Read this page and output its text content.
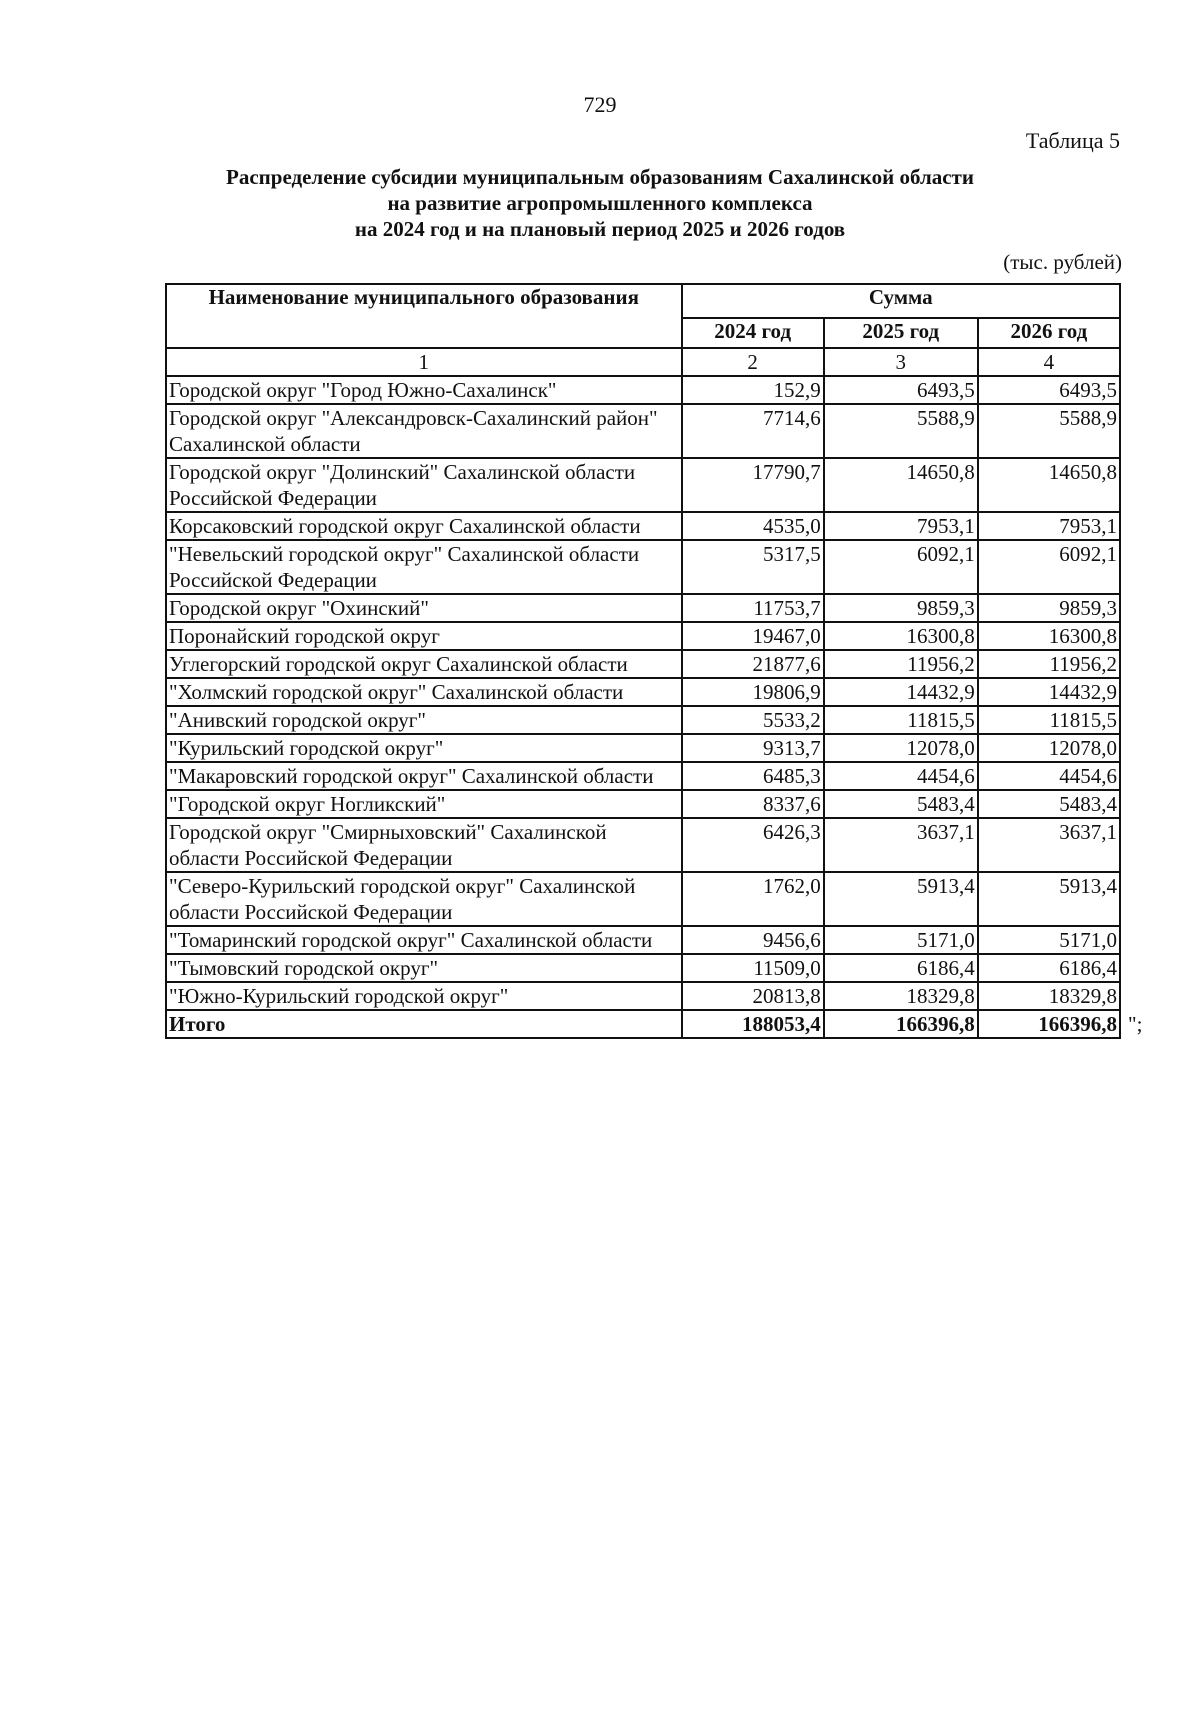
729
Таблица 5
Распределение субсидии муниципальным образованиям Сахалинской области
на развитие агропромышленного комплекса
на 2024 год и на плановый период 2025 и 2026 годов
(тыс. рублей)
Наименование муниципального образования	Сумма		
	2024 год	2025 год	2026 год
1	2	3	4
Городской округ "Город Южно-Сахалинск"	152,9	6493,5	6493,5
Городской округ "Александровск-Сахалинский район" Сахалинской области	7714,6	5588,9	5588,9
Городской округ "Долинский" Сахалинской области Российской Федерации	17790,7	14650,8	14650,8
Корсаковский городской округ Сахалинской области	4535,0	7953,1	7953,1
"Невельский городской округ" Сахалинской области Российской Федерации	5317,5	6092,1	6092,1
Городской округ "Охинский"	11753,7	9859,3	9859,3
Поронайский городской округ	19467,0	16300,8	16300,8
Углегорский городской округ Сахалинской области	21877,6	11956,2	11956,2
"Холмский городской округ" Сахалинской области	19806,9	14432,9	14432,9
"Анивский городской округ"	5533,2	11815,5	11815,5
"Курильский городской округ"	9313,7	12078,0	12078,0
"Макаровский городской округ" Сахалинской области	6485,3	4454,6	4454,6
"Городской округ Ногликский"	8337,6	5483,4	5483,4
Городской округ "Смирныховский" Сахалинской области Российской Федерации	6426,3	3637,1	3637,1
"Северо-Курильский городской округ" Сахалинской области Российской Федерации	1762,0	5913,4	5913,4
"Томаринский городской округ" Сахалинской области	9456,6	5171,0	5171,0
"Тымовский городской округ"	11509,0	6186,4	6186,4
"Южно-Курильский городской округ"	20813,8	18329,8	18329,8
Итого	188053,4	166396,8	166396,8 ";
